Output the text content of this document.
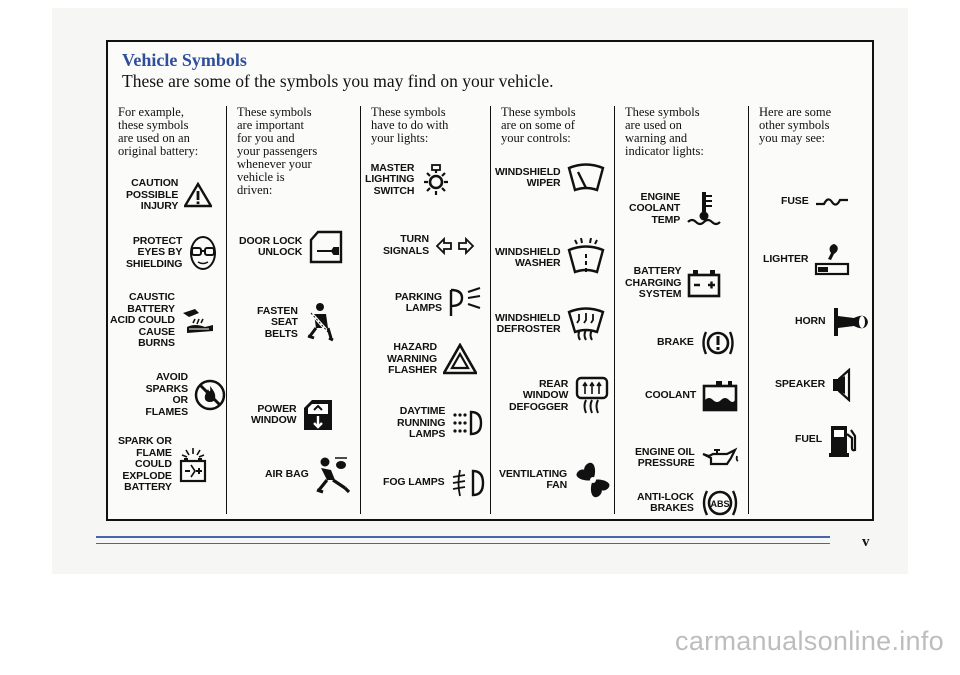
Vehicle Symbols

These are some of the symbols you may find on your vehicle.

For example,
these symbols
are used on an
original battery:

CAUTION
POSSIBLE
INJURY
PROTECT
EYES BY
SHIELDING
CAUSTIC
BATTERY
ACID COULD
CAUSE
BURNS
AVOID
SPARKS OR
FLAMES
SPARK OR
FLAME
COULD
EXPLODE
BATTERY

These symbols
are important
for you and
your passengers
whenever your
vehicle is
driven:

DOOR LOCK
UNLOCK
FASTEN
SEAT
BELTS
POWER
WINDOW
AIR BAG

These symbols
have to do with
your lights:

MASTER
LIGHTING
SWITCH
TURN
SIGNALS
PARKING
LAMPS
HAZARD
WARNING
FLASHER
DAYTIME
RUNNING
LAMPS
FOG LAMPS

These symbols
are on some of
your controls:

WINDSHIELD
WIPER
WINDSHIELD
WASHER
WINDSHIELD
DEFROSTER
REAR
WINDOW
DEFOGGER
VENTILATING
FAN

These symbols
are used on
warning and
indicator lights:

ENGINE
COOLANT
TEMP
BATTERY
CHARGING
SYSTEM
BRAKE
COOLANT
ENGINE OIL
PRESSURE
ANTI-LOCK
BRAKES ABS

Here are some
other symbols
you may see:

FUSE
LIGHTER
HORN
SPEAKER
FUEL
v
carmanualsonline.info
